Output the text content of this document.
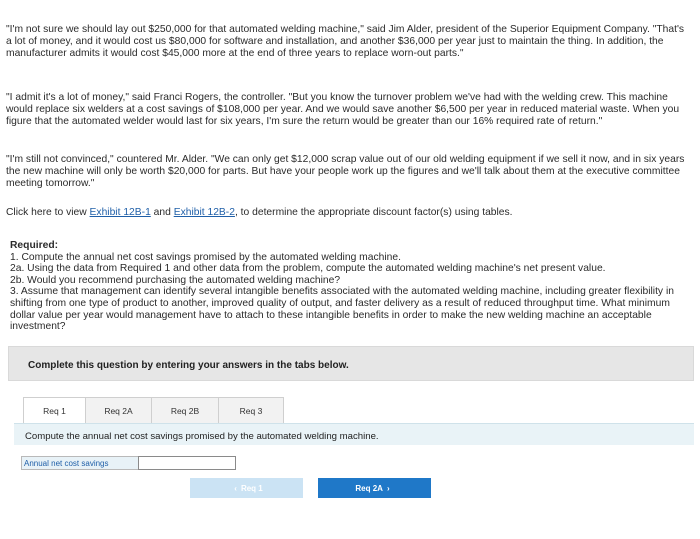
"I'm not sure we should lay out $250,000 for that automated welding machine," said Jim Alder, president of the Superior Equipment Company. "That's a lot of money, and it would cost us $80,000 for software and installation, and another $36,000 per year just to maintain the thing. In addition, the manufacturer admits it would cost $45,000 more at the end of three years to replace worn-out parts."

"I admit it's a lot of money," said Franci Rogers, the controller. "But you know the turnover problem we've had with the welding crew. This machine would replace six welders at a cost savings of $108,000 per year. And we would save another $6,500 per year in reduced material waste. When you figure that the automated welder would last for six years, I'm sure the return would be greater than our 16% required rate of return."

"I'm still not convinced," countered Mr. Alder. "We can only get $12,000 scrap value out of our old welding equipment if we sell it now, and in six years the new machine will only be worth $20,000 for parts. But have your people work up the figures and we'll talk about them at the executive committee meeting tomorrow."

Click here to view Exhibit 12B-1 and Exhibit 12B-2, to determine the appropriate discount factor(s) using tables.

Required:

1. Compute the annual net cost savings promised by the automated welding machine.

2a. Using the data from Required 1 and other data from the problem, compute the automated welding machine's net present value.

2b. Would you recommend purchasing the automated welding machine?

3. Assume that management can identify several intangible benefits associated with the automated welding machine, including greater flexibility in shifting from one type of product to another, improved quality of output, and faster delivery as a result of reduced throughput time. What minimum dollar value per year would management have to attach to these intangible benefits in order to make the new welding machine an acceptable investment?

Complete this question by entering your answers in the tabs below.
Req 1	Req 2A	Req 2B	Req 3
Compute the annual net cost savings promised by the automated welding machine.
Annual net cost savings
‹ Req 1	Req 2A ›
